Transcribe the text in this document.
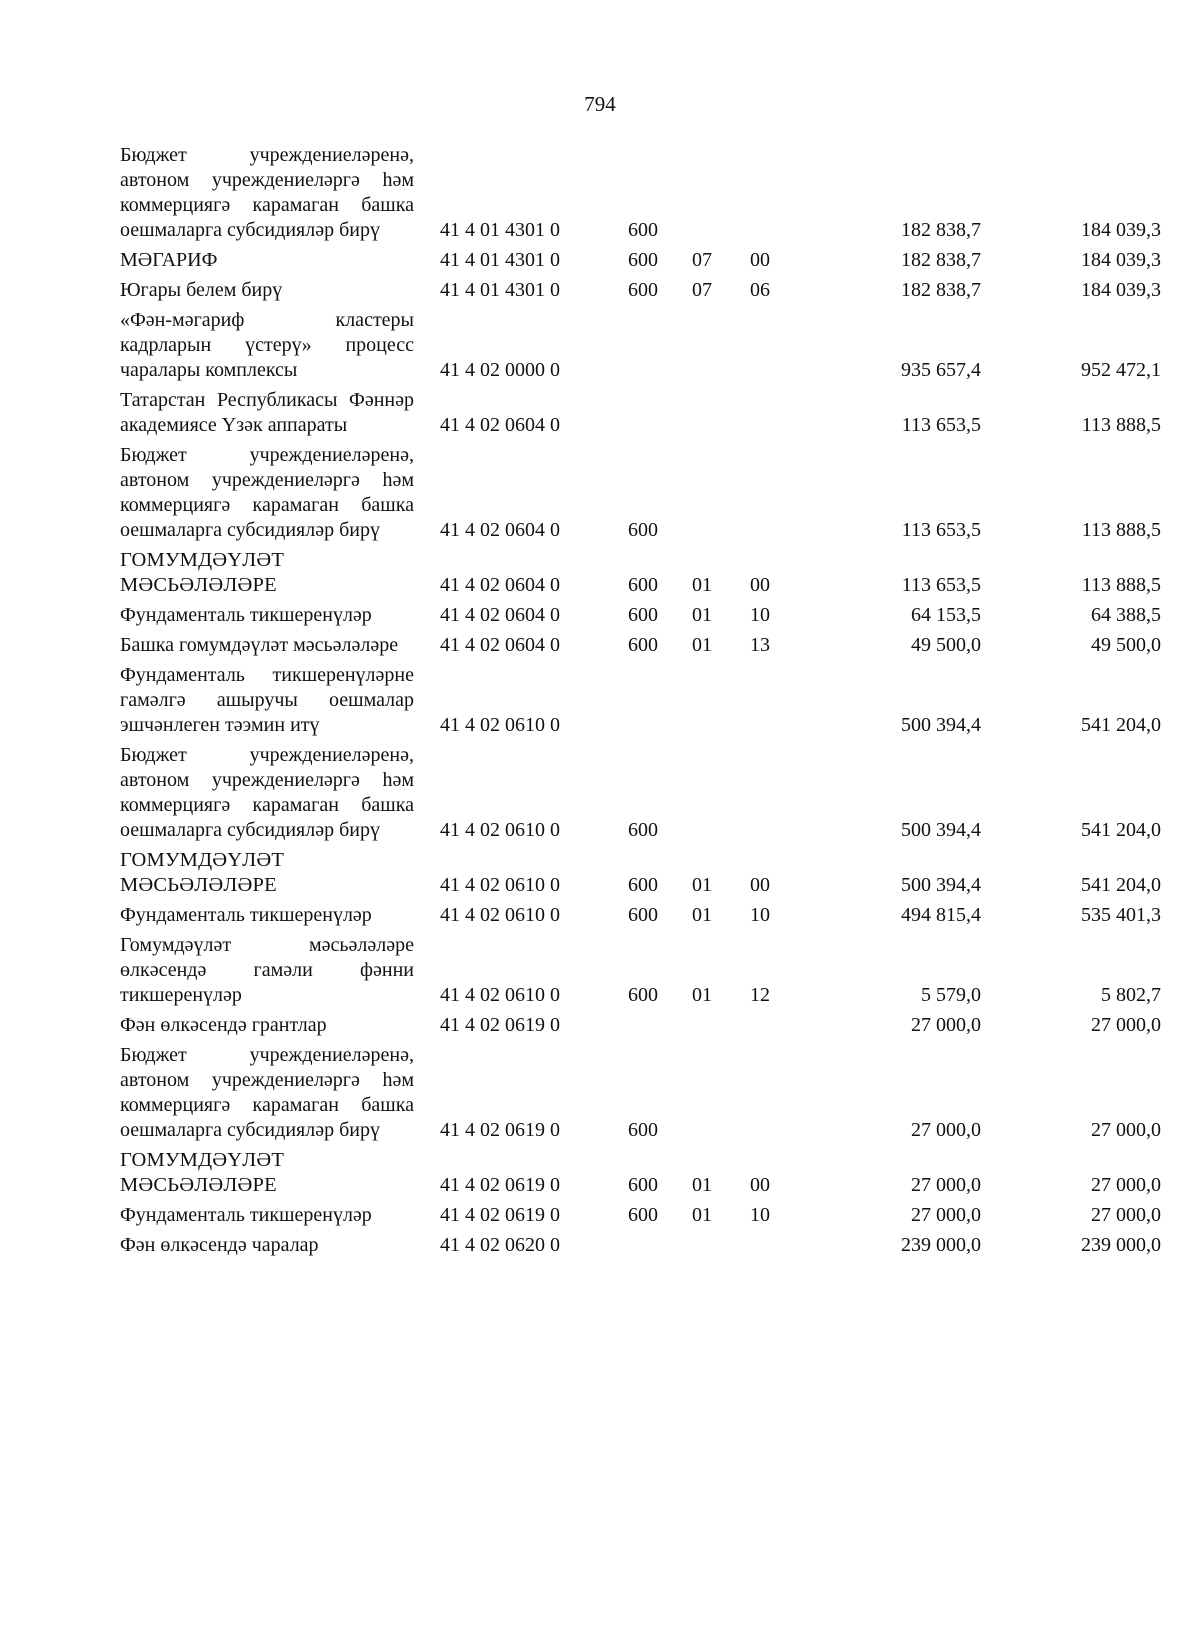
794
Бюджет учреждениеләренә, автоном учреждениеләргә һәм коммерциягә карамаган башка оешмаларга субсидияләр бирү	41 4 01 4301 0	600			182 838,7	184 039,3
МӘГАРИФ	41 4 01 4301 0	600	07	00	182 838,7	184 039,3
Югары белем бирү	41 4 01 4301 0	600	07	06	182 838,7	184 039,3
«Фән-мәгариф кластеры кадрларын үстерү» процесс чаралары комплексы	41 4 02 0000 0				935 657,4	952 472,1
Татарстан Республикасы Фәннәр академиясе Үзәк аппараты	41 4 02 0604 0				113 653,5	113 888,5
Бюджет учреждениеләренә, автоном учреждениеләргә һәм коммерциягә карамаган башка оешмаларга субсидияләр бирү	41 4 02 0604 0	600			113 653,5	113 888,5
ГОМУМДӘҮЛӘТ МӘСЬӘЛӘЛӘРЕ	41 4 02 0604 0	600	01	00	113 653,5	113 888,5
Фундаменталь тикшеренүләр	41 4 02 0604 0	600	01	10	64 153,5	64 388,5
Башка гомумдәүләт мәсьәләләре	41 4 02 0604 0	600	01	13	49 500,0	49 500,0
Фундаменталь тикшеренүләрне гамәлгә ашыручы оешмалар эшчәнлеген тәэмин итү	41 4 02 0610 0				500 394,4	541 204,0
Бюджет учреждениеләренә, автоном учреждениеләргә һәм коммерциягә карамаган башка оешмаларга субсидияләр бирү	41 4 02 0610 0	600			500 394,4	541 204,0
ГОМУМДӘҮЛӘТ МӘСЬӘЛӘЛӘРЕ	41 4 02 0610 0	600	01	00	500 394,4	541 204,0
Фундаменталь тикшеренүләр	41 4 02 0610 0	600	01	10	494 815,4	535 401,3
Гомумдәүләт мәсьәләләре өлкәсендә гамәли фәнни тикшеренүләр	41 4 02 0610 0	600	01	12	5 579,0	5 802,7
Фән өлкәсендә грантлар	41 4 02 0619 0				27 000,0	27 000,0
Бюджет учреждениеләренә, автоном учреждениеләргә һәм коммерциягә карамаган башка оешмаларга субсидияләр бирү	41 4 02 0619 0	600			27 000,0	27 000,0
ГОМУМДӘҮЛӘТ МӘСЬӘЛӘЛӘРЕ	41 4 02 0619 0	600	01	00	27 000,0	27 000,0
Фундаменталь тикшеренүләр	41 4 02 0619 0	600	01	10	27 000,0	27 000,0
Фән өлкәсендә чаралар	41 4 02 0620 0				239 000,0	239 000,0
